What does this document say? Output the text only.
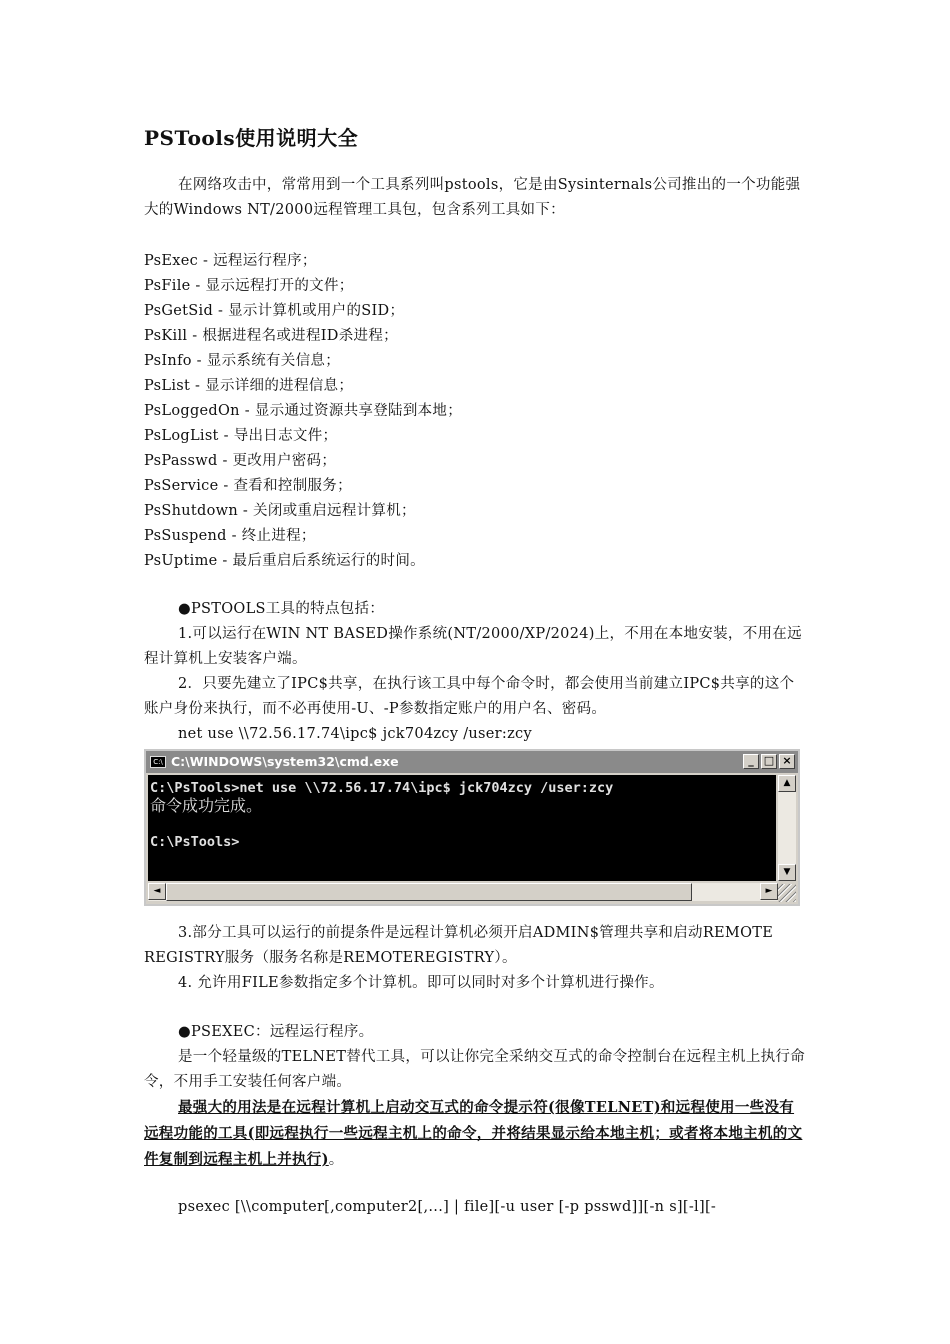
PSTools使用说明大全
在网络攻击中，常常用到一个工具系列叫pstools，它是由Sysinternals公司推出的一个功能强大的Windows NT/2000远程管理工具包，包含系列工具如下：
PsExec - 远程运行程序；
PsFile - 显示远程打开的文件；
PsGetSid - 显示计算机或用户的SID；
PsKill - 根据进程名或进程ID杀进程；
PsInfo - 显示系统有关信息；
PsList - 显示详细的进程信息；
PsLoggedOn - 显示通过资源共享登陆到本地；
PsLogList - 导出日志文件；
PsPasswd - 更改用户密码；
PsService - 查看和控制服务；
PsShutdown - 关闭或重启远程计算机；
PsSuspend - 终止进程；
PsUptime - 最后重启后系统运行的时间。
●PSTOOLS工具的特点包括：
1.可以运行在WIN NT BASED操作系统(NT/2000/XP/2024)上，不用在本地安装，不用在远程计算机上安装客户端。
2．只要先建立了IPC$共享，在执行该工具中每个命令时，都会使用当前建立IPC$共享的这个账户身份来执行，而不必再使用-U、-P参数指定账户的用户名、密码。
net use \\72.56.17.74\ipc$ jck704zcy /user:zcy
C:\ C:\WINDOWS\system32\cmd.exe	_ □ ×
C:\PsTools>net use \\72.56.17.74\ipc$ jck704zcy /user:zcy
命令成功完成。
C:\PsTools>
▲
▼
◄	►
3.部分工具可以运行的前提条件是远程计算机必须开启ADMIN$管理共享和启动REMOTE REGISTRY服务（服务名称是REMOTEREGISTRY）。
4. 允许用FILE参数指定多个计算机。即可以同时对多个计算机进行操作。
●PSEXEC：远程运行程序。
是一个轻量级的TELNET替代工具，可以让你完全采纳交互式的命令控制台在远程主机上执行命令，不用手工安装任何客户端。
最强大的用法是在远程计算机上启动交互式的命令提示符(很像TELNET)和远程使用一些没有远程功能的工具(即远程执行一些远程主机上的命令，并将结果显示给本地主机；或者将本地主机的文件复制到远程主机上并执行)。
psexec [\\computer[,computer2[,...] | file][-u user [-p psswd]][-n s][-l][-
